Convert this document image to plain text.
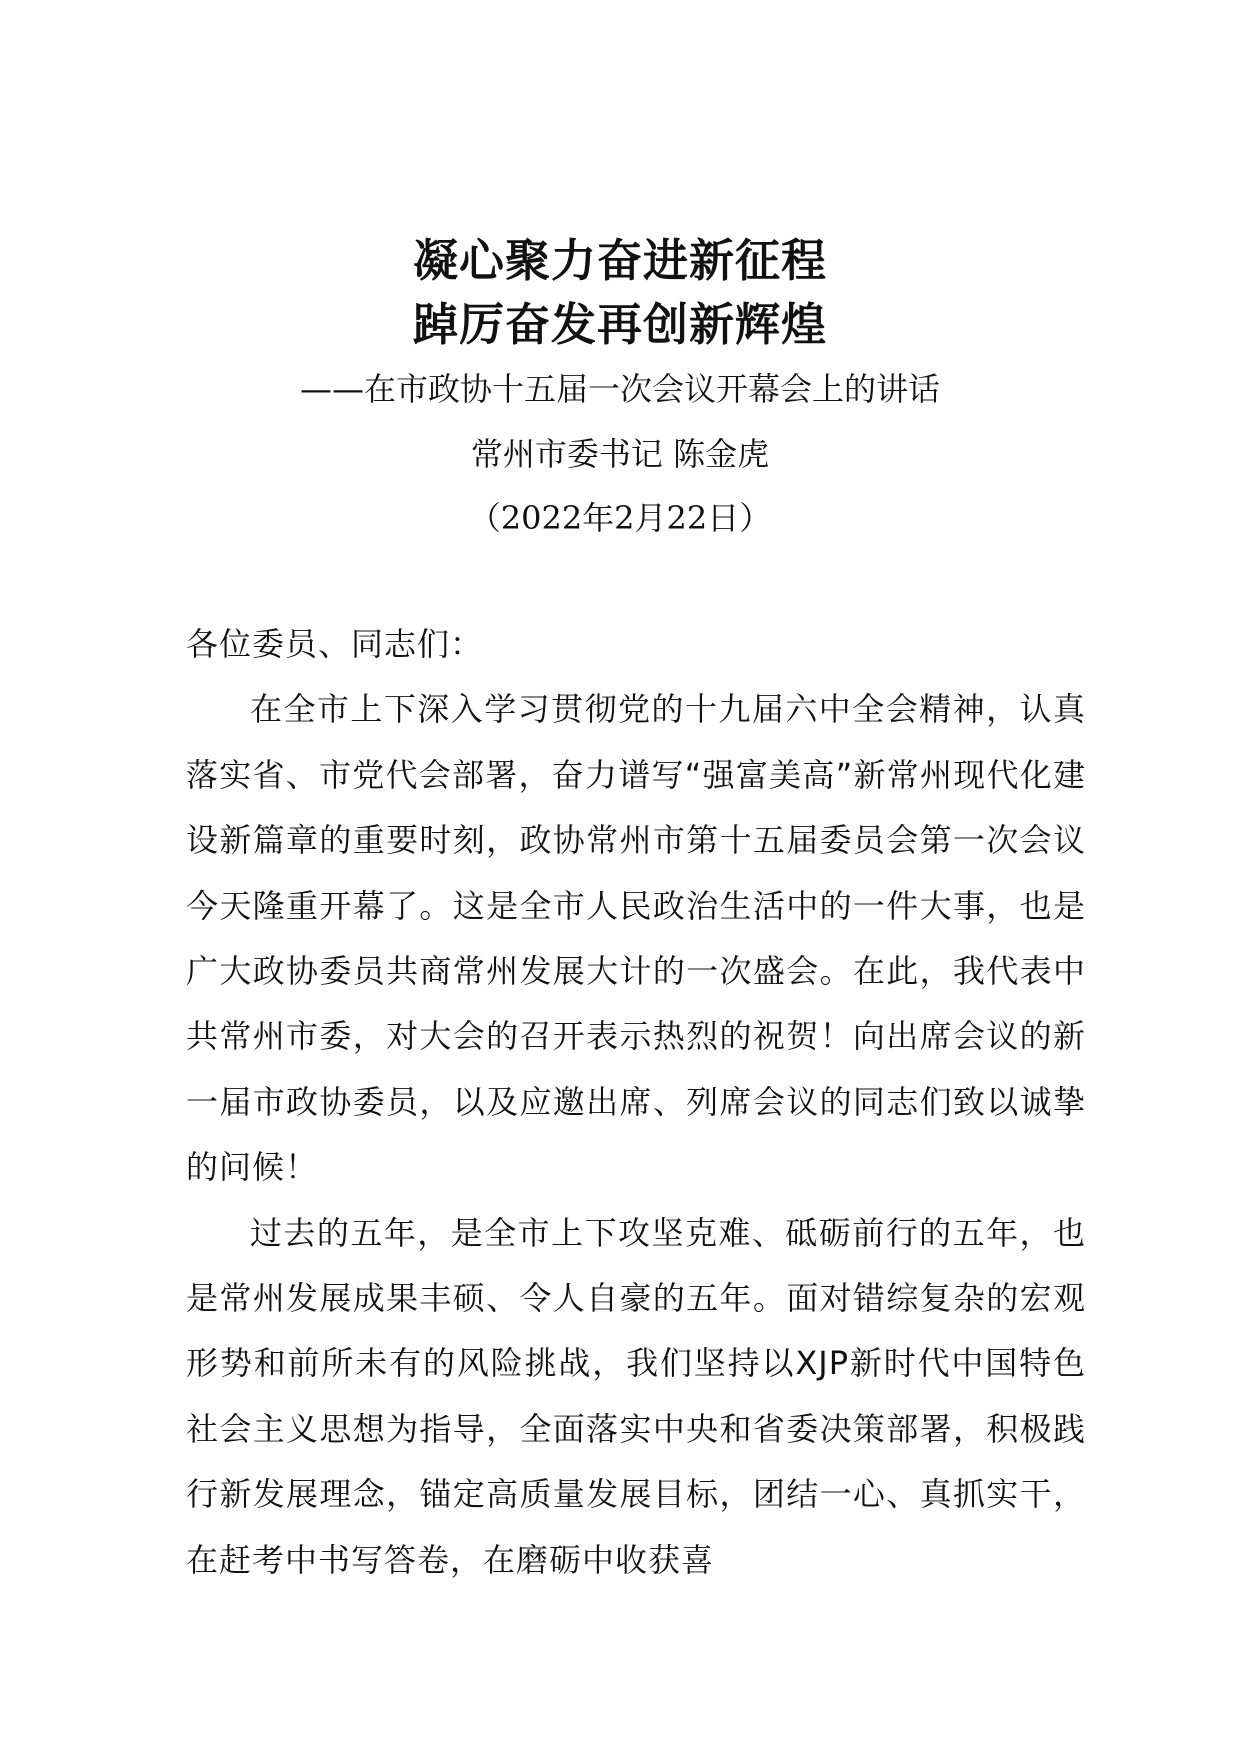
凝心聚力奋进新征程
踔厉奋发再创新辉煌
——在市政协十五届一次会议开幕会上的讲话
常州市委书记 陈金虎
（2022年2月22日）

各位委员、同志们：

在全市上下深入学习贯彻党的十九届六中全会精神，认真落实省、市党代会部署，奋力谱写“强富美高”新常州现代化建设新篇章的重要时刻，政协常州市第十五届委员会第一次会议今天隆重开幕了。这是全市人民政治生活中的一件大事，也是广大政协委员共商常州发展大计的一次盛会。在此，我代表中共常州市委，对大会的召开表示热烈的祝贺！向出席会议的新一届市政协委员，以及应邀出席、列席会议的同志们致以诚挚的问候！

过去的五年，是全市上下攻坚克难、砥砺前行的五年，也是常州发展成果丰硕、令人自豪的五年。面对错综复杂的宏观形势和前所未有的风险挑战，我们坚持以XJP新时代中国特色社会主义思想为指导，全面落实中央和省委决策部署，积极践行新发展理念，锚定高质量发展目标，团结一心、真抓实干，在赶考中书写答卷，在磨砺中收获喜
